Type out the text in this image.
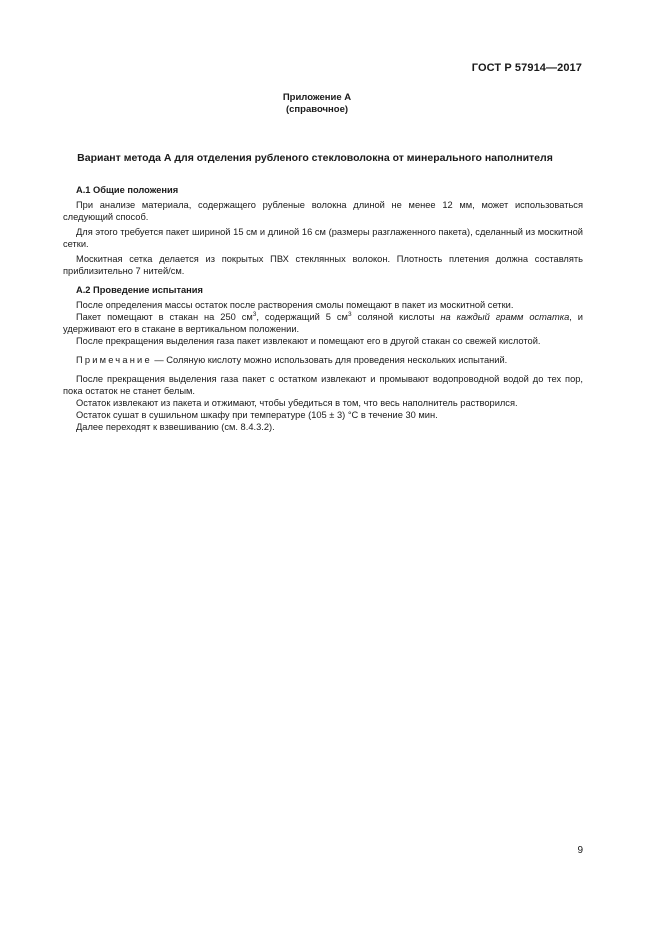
ГОСТ Р 57914—2017
Приложение А
(справочное)
Вариант метода А для отделения рубленого стекловолокна от минерального наполнителя
А.1 Общие положения

При анализе материала, содержащего рубленые волокна длиной не менее 12 мм, может использоваться следующий способ.

Для этого требуется пакет шириной 15 см и длиной 16 см (размеры разглаженного пакета), сделанный из москитной сетки.

Москитная сетка делается из покрытых ПВХ стеклянных волокон. Плотность плетения должна составлять приблизительно 7 нитей/см.

А.2 Проведение испытания

После определения массы остаток после растворения смолы помещают в пакет из москитной сетки.

Пакет помещают в стакан на 250 $см^3$, содержащий 5 $см^3$ соляной кислоты на каждый грамм остатка, и удерживают его в стакане в вертикальном положении.

После прекращения выделения газа пакет извлекают и помещают его в другой стакан со свежей кислотой.

Примечание — Соляную кислоту можно использовать для проведения нескольких испытаний.

После прекращения выделения газа пакет с остатком извлекают и промывают водопроводной водой до тех пор, пока остаток не станет белым.

Остаток извлекают из пакета и отжимают, чтобы убедиться в том, что весь наполнитель растворился.

Остаток сушат в сушильном шкафу при температуре (105 ± 3) °С в течение 30 мин.

Далее переходят к взвешиванию (см. 8.4.3.2).

9
